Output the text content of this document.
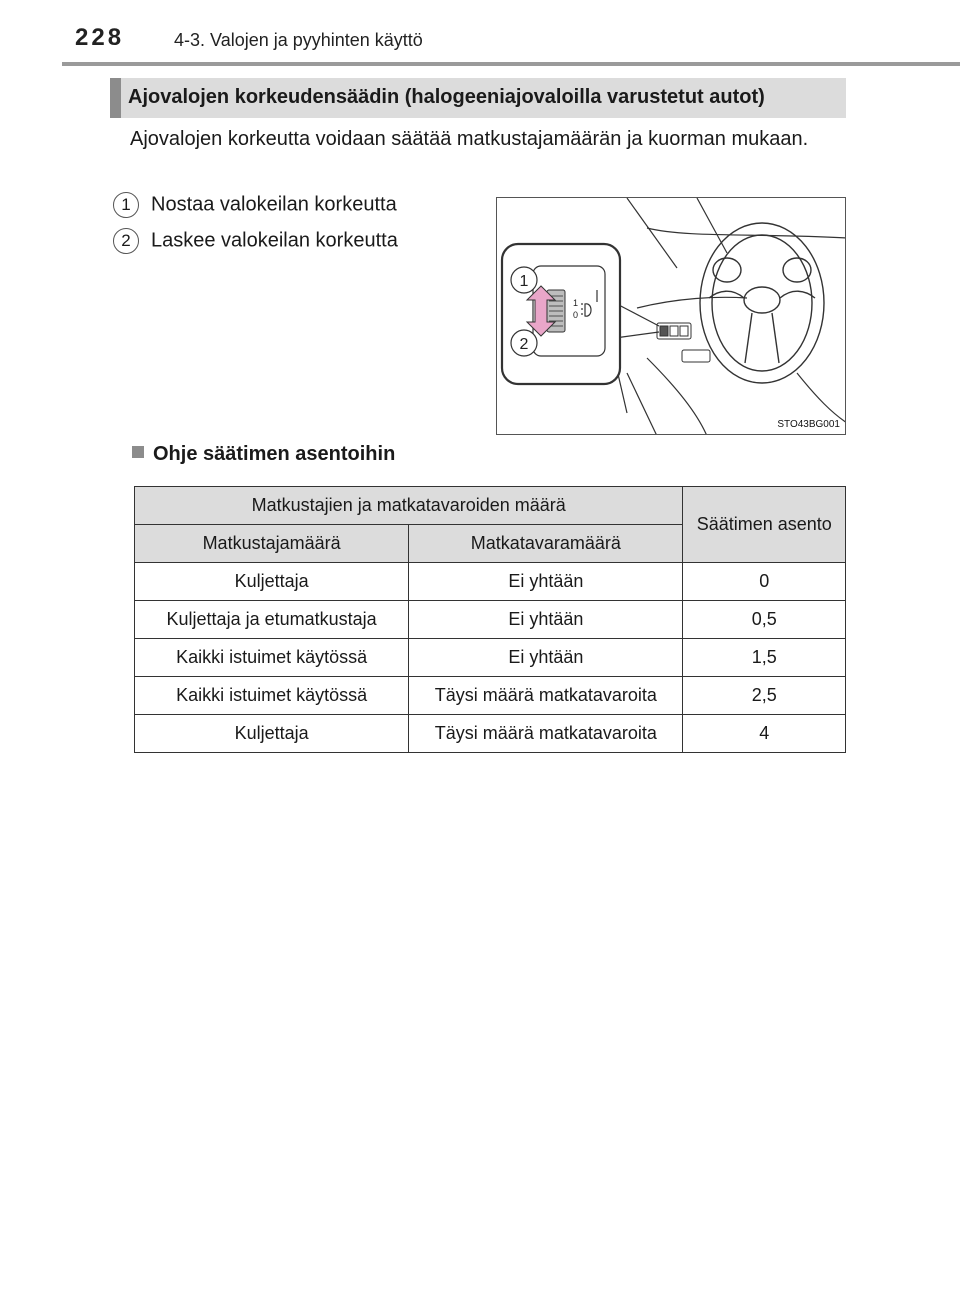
228	4-3. Valojen ja pyyhinten käyttö
Ajovalojen korkeudensäädin (halogeeniajovaloilla varustetut autot)
Ajovalojen korkeutta voidaan säätää matkustajamäärän ja kuorman mukaan.
1 Nostaa valokeilan korkeutta
2 Laskee valokeilan korkeutta
1
0
1
2
STO43BG001
Ohje säätimen asentoihin
Matkustajien ja matkatavaroiden määrä		Säätimen asento
Matkustajamäärä	Matkatavaramäärä	
Kuljettaja	Ei yhtään	0
Kuljettaja ja etumatkustaja	Ei yhtään	0,5
Kaikki istuimet käytössä	Ei yhtään	1,5
Kaikki istuimet käytössä	Täysi määrä matkatavaroita	2,5
Kuljettaja	Täysi määrä matkatavaroita	4
